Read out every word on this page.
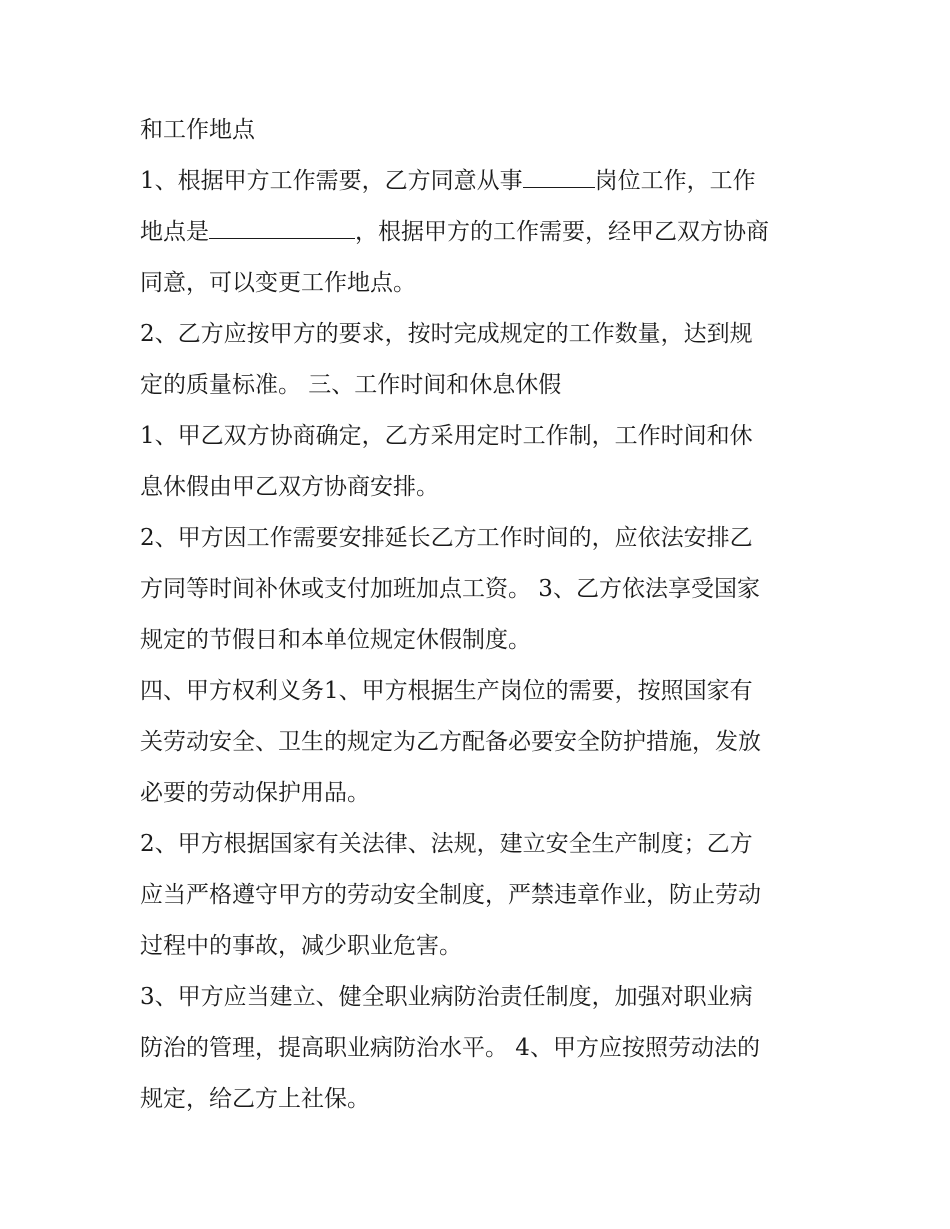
和工作地点
1、根据甲方工作需要，乙方同意从事	岗位工作，工作
地点是	，根据甲方的工作需要，经甲乙双方协商
同意，可以变更工作地点。
2、乙方应按甲方的要求，按时完成规定的工作数量，达到规
定的质量标准。 三、工作时间和休息休假
1、甲乙双方协商确定，乙方采用定时工作制，工作时间和休
息休假由甲乙双方协商安排。
2、甲方因工作需要安排延长乙方工作时间的，应依法安排乙
方同等时间补休或支付加班加点工资。 3、乙方依法享受国家
规定的节假日和本单位规定休假制度。
四、甲方权利义务1、甲方根据生产岗位的需要，按照国家有
关劳动安全、卫生的规定为乙方配备必要安全防护措施，发放
必要的劳动保护用品。
2、甲方根据国家有关法律、法规，建立安全生产制度；乙方
应当严格遵守甲方的劳动安全制度，严禁违章作业，防止劳动
过程中的事故，减少职业危害。
3、甲方应当建立、健全职业病防治责任制度，加强对职业病
防治的管理，提高职业病防治水平。 4、甲方应按照劳动法的
规定，给乙方上社保。
